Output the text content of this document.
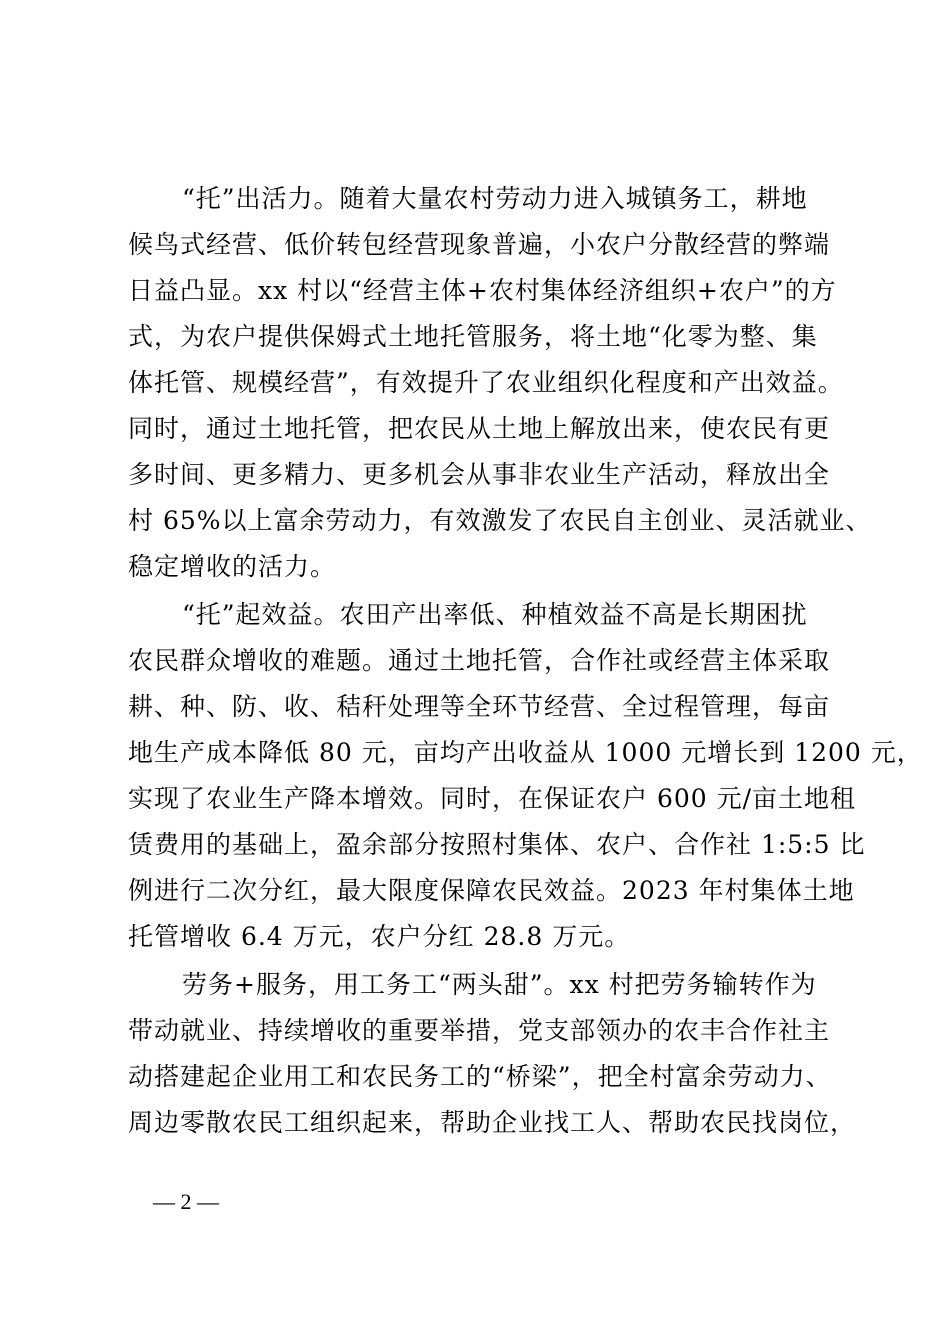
“托”出活力。随着大量农村劳动力进入城镇务工，耕地
候鸟式经营、低价转包经营现象普遍，小农户分散经营的弊端
日益凸显。xx 村以“经营主体+农村集体经济组织+农户”的方
式，为农户提供保姆式土地托管服务，将土地“化零为整、集
体托管、规模经营”，有效提升了农业组织化程度和产出效益。
同时，通过土地托管，把农民从土地上解放出来，使农民有更
多时间、更多精力、更多机会从事非农业生产活动，释放出全
村 65%以上富余劳动力，有效激发了农民自主创业、灵活就业、
稳定增收的活力。
“托”起效益。农田产出率低、种植效益不高是长期困扰
农民群众增收的难题。通过土地托管，合作社或经营主体采取
耕、种、防、收、秸秆处理等全环节经营、全过程管理，每亩
地生产成本降低 80 元，亩均产出收益从 1000 元增长到 1200 元，
实现了农业生产降本增效。同时，在保证农户 600 元/亩土地租
赁费用的基础上，盈余部分按照村集体、农户、合作社 1:5:5 比
例进行二次分红，最大限度保障农民效益。2023 年村集体土地
托管增收 6.4 万元，农户分红 28.8 万元。
劳务+服务，用工务工“两头甜”。xx 村把劳务输转作为
带动就业、持续增收的重要举措，党支部领办的农丰合作社主
动搭建起企业用工和农民务工的“桥梁”，把全村富余劳动力、
周边零散农民工组织起来，帮助企业找工人、帮助农民找岗位，
— 2 —
